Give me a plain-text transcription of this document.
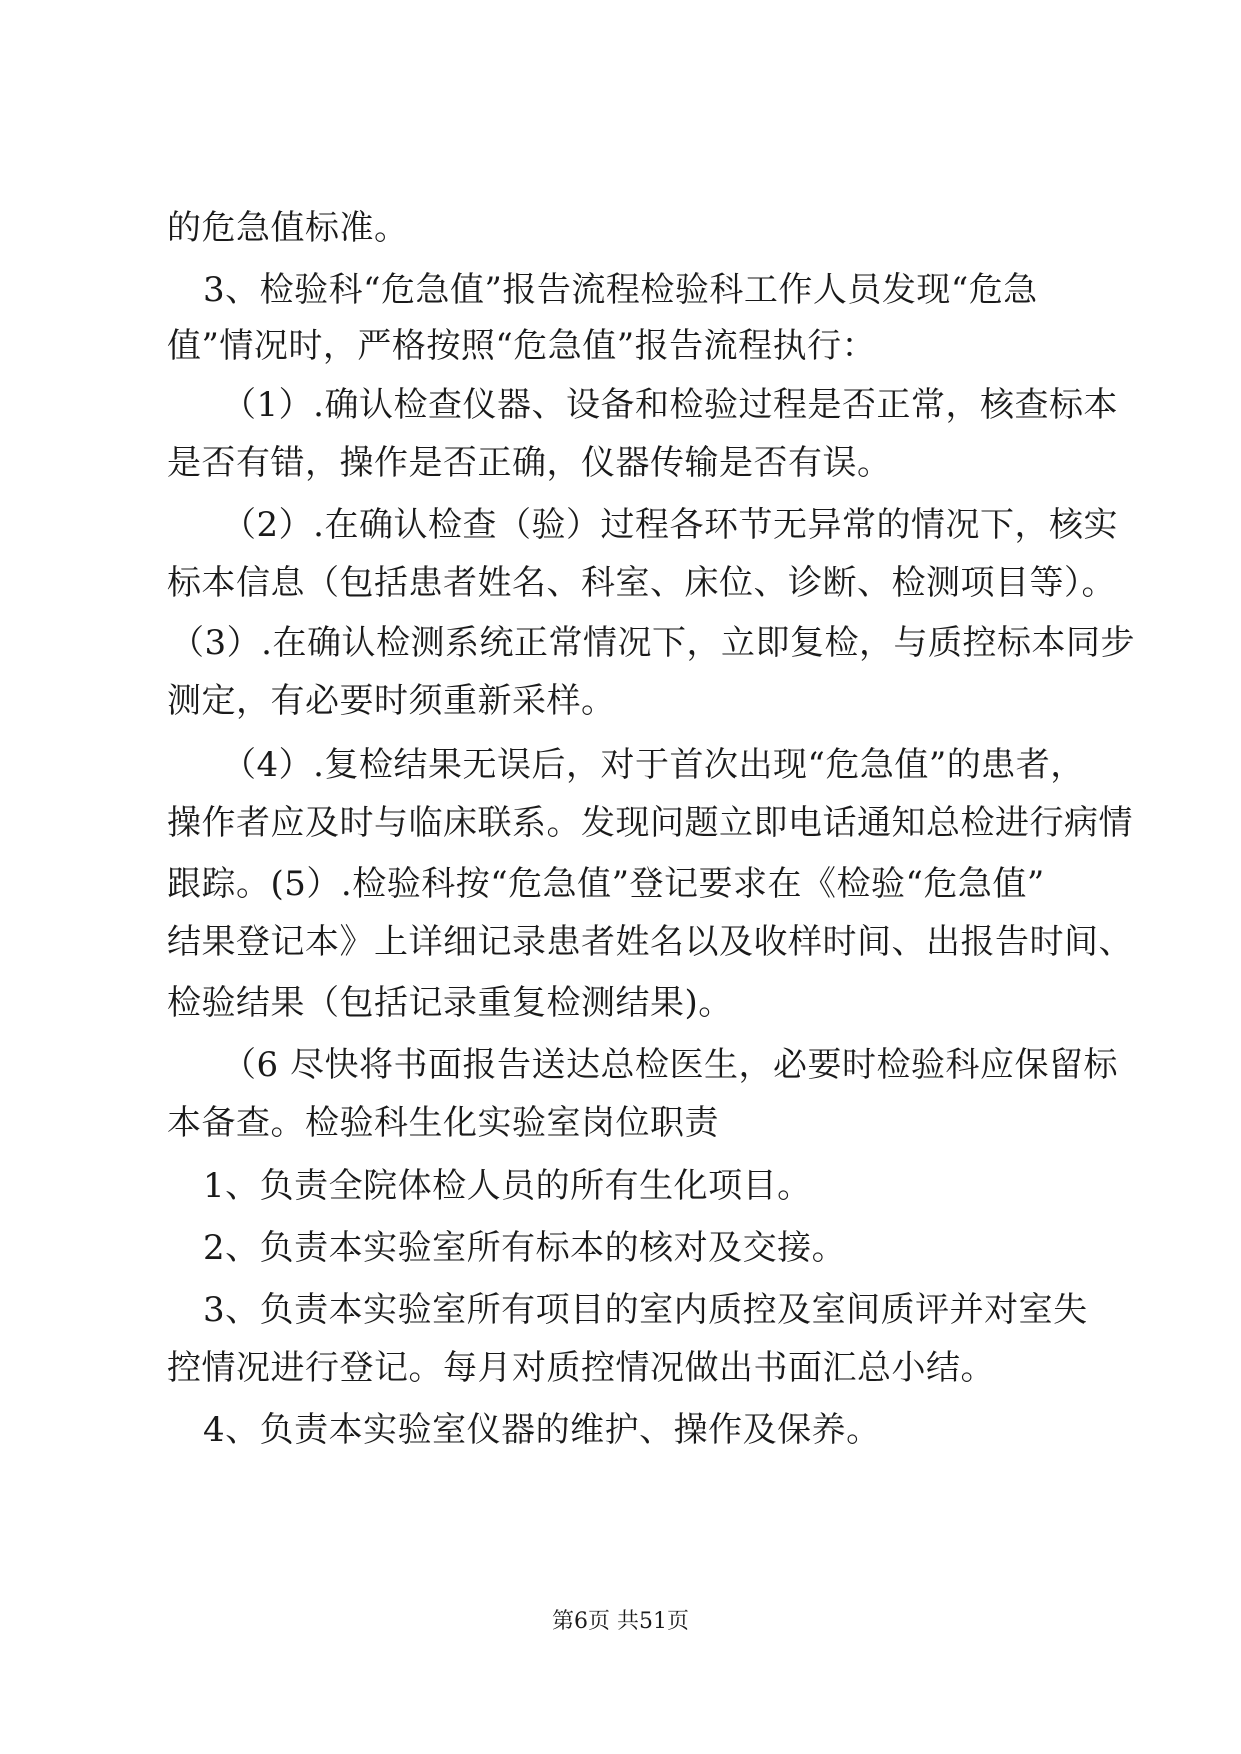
的危急值标准。
3、检验科“危急值”报告流程检验科工作人员发现“危急
值”情况时，严格按照“危急值”报告流程执行：
（1）.确认检查仪器、设备和检验过程是否正常，核查标本
是否有错，操作是否正确，仪器传输是否有误。
（2）.在确认检查（验）过程各环节无异常的情况下，核实
标本信息（包括患者姓名、科室、床位、诊断、检测项目等）。
（3）.在确认检测系统正常情况下，立即复检，与质控标本同步
测定，有必要时须重新采样。
（4）.复检结果无误后，对于首次出现“危急值”的患者，
操作者应及时与临床联系。发现问题立即电话通知总检进行病情
跟踪。(5）.检验科按“危急值”登记要求在《检验“危急值”
结果登记本》上详细记录患者姓名以及收样时间、出报告时间、
检验结果（包括记录重复检测结果)。
（6 尽快将书面报告送达总检医生，必要时检验科应保留标
本备查。检验科生化实验室岗位职责
1、负责全院体检人员的所有生化项目。
2、负责本实验室所有标本的核对及交接。
3、负责本实验室所有项目的室内质控及室间质评并对室失
控情况进行登记。每月对质控情况做出书面汇总小结。
4、负责本实验室仪器的维护、操作及保养。
第6页 共51页
